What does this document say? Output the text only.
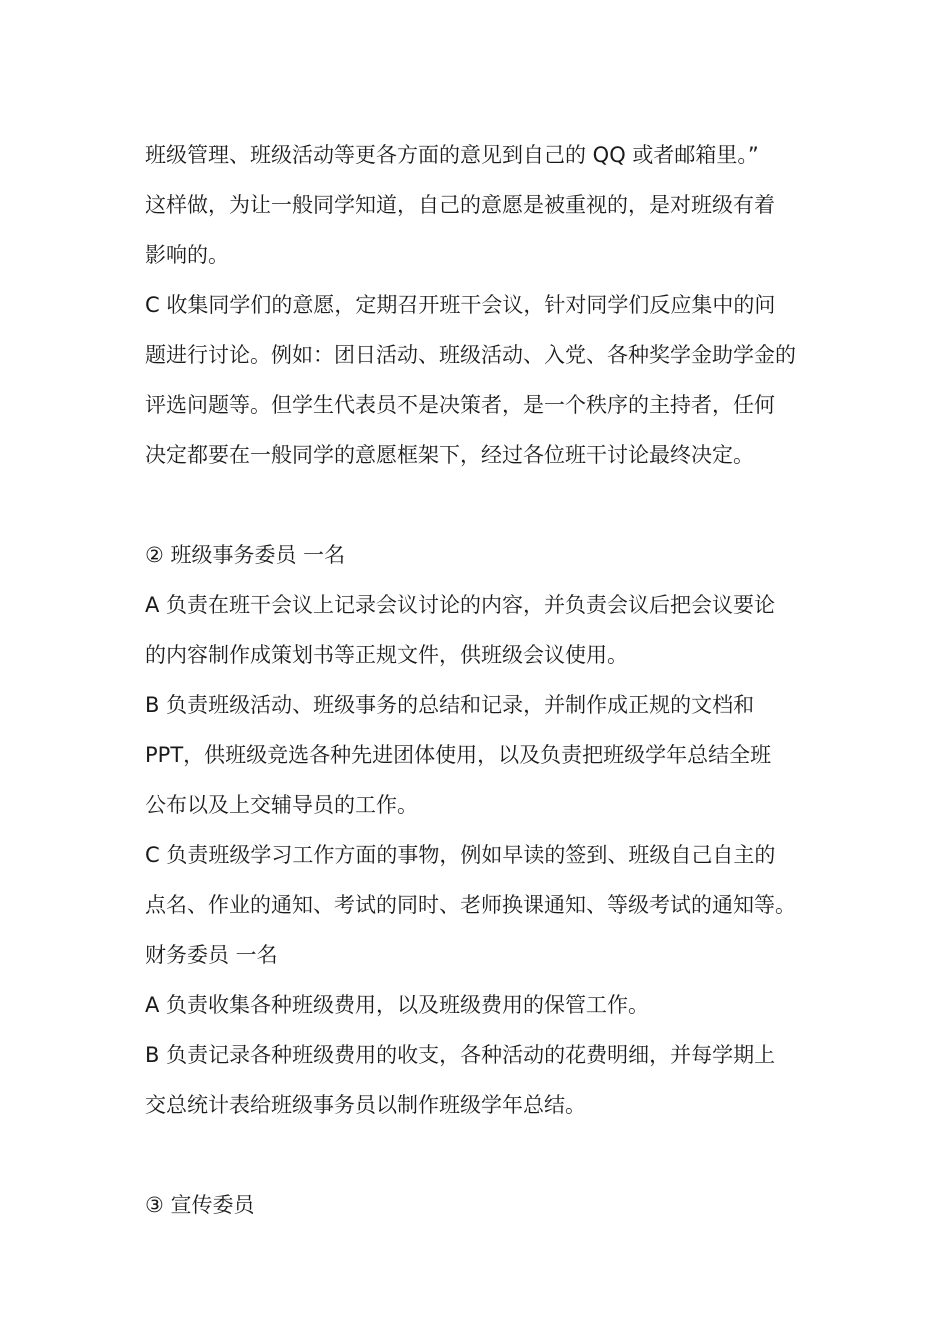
班级管理、班级活动等更各方面的意见到自己的 QQ 或者邮箱里。”
这样做，为让一般同学知道，自己的意愿是被重视的，是对班级有着
影响的。
C 收集同学们的意愿，定期召开班干会议，针对同学们反应集中的问
题进行讨论。例如：团日活动、班级活动、入党、各种奖学金助学金的
评选问题等。但学生代表员不是决策者，是一个秩序的主持者，任何
决定都要在一般同学的意愿框架下，经过各位班干讨论最终决定。
② 班级事务委员 一名
A 负责在班干会议上记录会议讨论的内容，并负责会议后把会议要论
的内容制作成策划书等正规文件，供班级会议使用。
B 负责班级活动、班级事务的总结和记录，并制作成正规的文档和
PPT，供班级竞选各种先进团体使用，以及负责把班级学年总结全班
公布以及上交辅导员的工作。
C 负责班级学习工作方面的事物，例如早读的签到、班级自己自主的
点名、作业的通知、考试的同时、老师换课通知、等级考试的通知等。
财务委员 一名
A 负责收集各种班级费用，以及班级费用的保管工作。
B 负责记录各种班级费用的收支，各种活动的花费明细，并每学期上
交总统计表给班级事务员以制作班级学年总结。
③ 宣传委员
